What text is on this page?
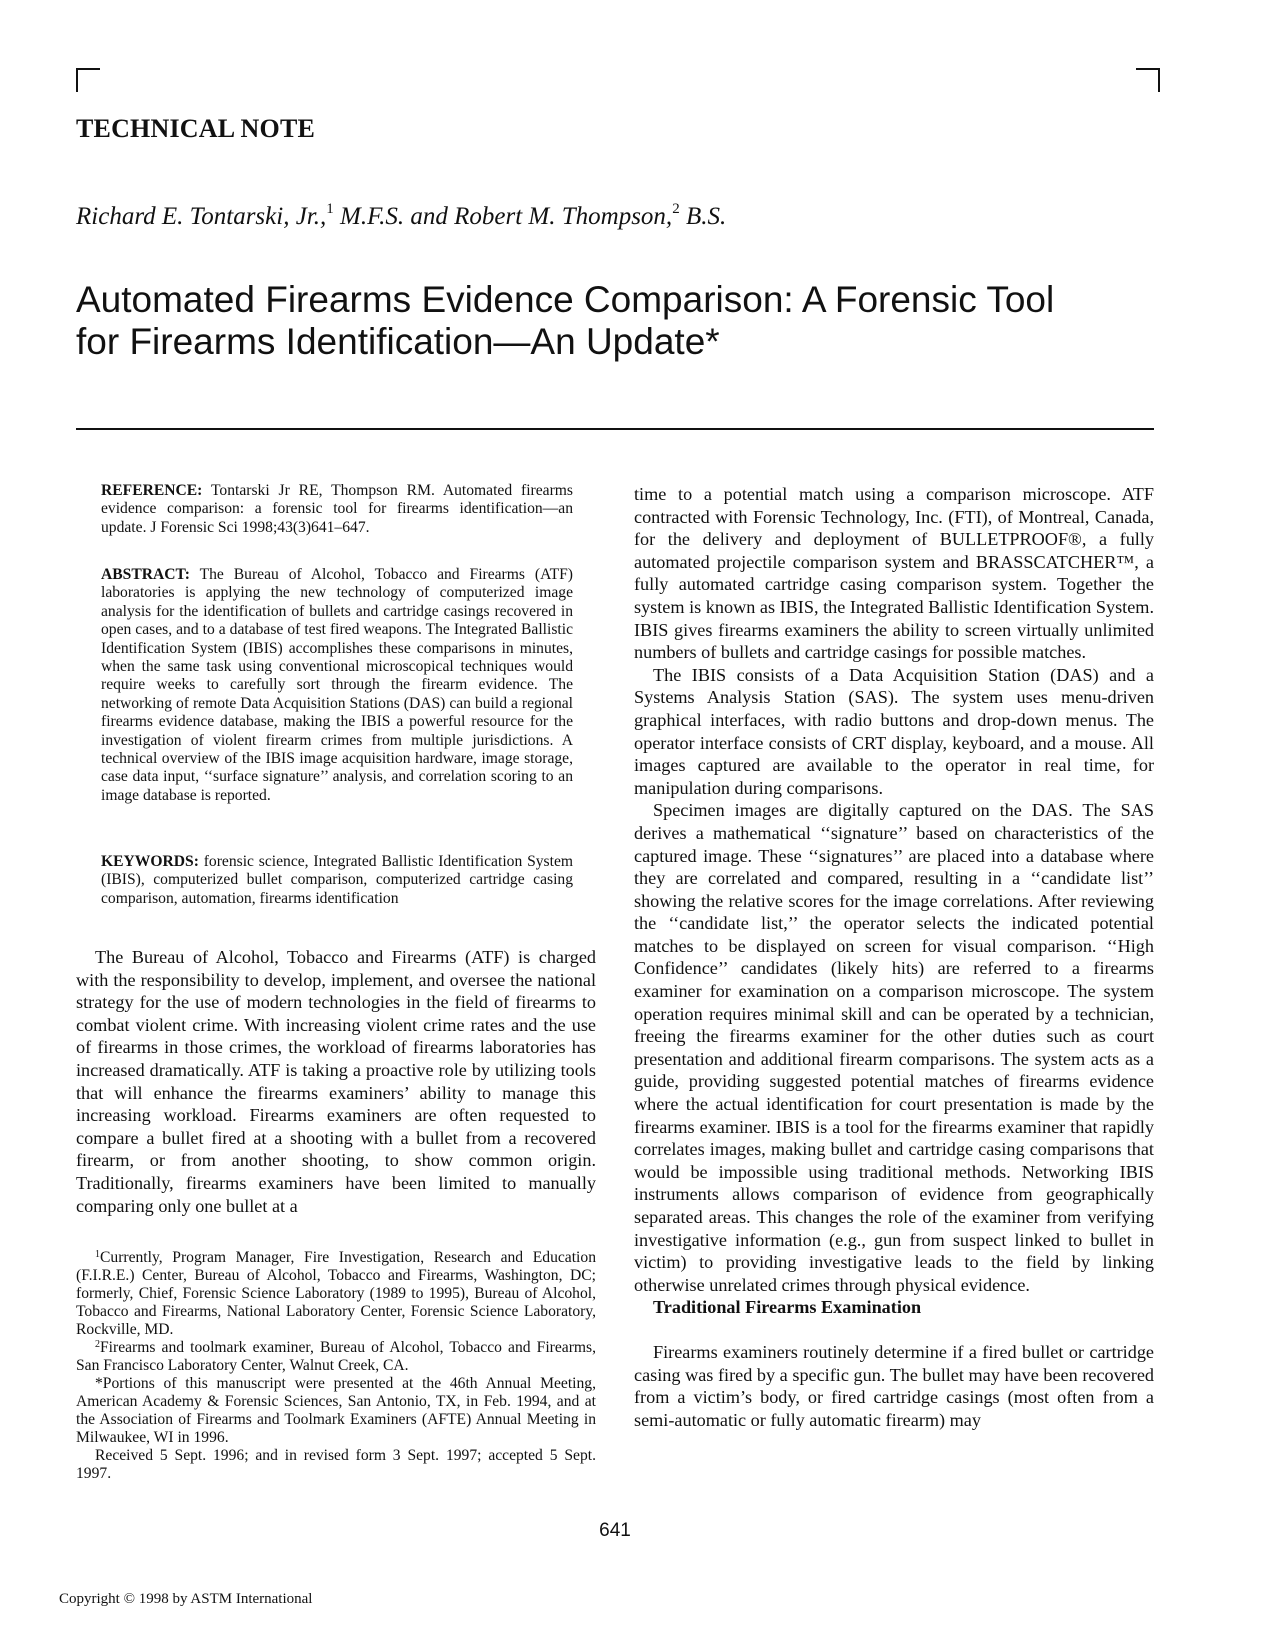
TECHNICAL NOTE

Richard E. Tontarski, Jr.,$^1$ M.F.S. and Robert M. Thompson,$^2$ B.S.

Automated Firearms Evidence Comparison: A Forensic Tool
for Firearms Identification—An Update*

REFERENCE: Tontarski Jr RE, Thompson RM. Automated firearms evidence comparison: a forensic tool for firearms identification—an update. J Forensic Sci 1998;43(3)641–647.

ABSTRACT: The Bureau of Alcohol, Tobacco and Firearms (ATF) laboratories is applying the new technology of computerized image analysis for the identification of bullets and cartridge casings recovered in open cases, and to a database of test fired weapons. The Integrated Ballistic Identification System (IBIS) accomplishes these comparisons in minutes, when the same task using conventional microscopical techniques would require weeks to carefully sort through the firearm evidence. The networking of remote Data Acquisition Stations (DAS) can build a regional firearms evidence database, making the IBIS a powerful resource for the investigation of violent firearm crimes from multiple jurisdictions. A technical overview of the IBIS image acquisition hardware, image storage, case data input, ‘‘surface signature’’ analysis, and correlation scoring to an image database is reported.

KEYWORDS: forensic science, Integrated Ballistic Identification System (IBIS), computerized bullet comparison, computerized cartridge casing comparison, automation, firearms identification

The Bureau of Alcohol, Tobacco and Firearms (ATF) is charged with the responsibility to develop, implement, and oversee the national strategy for the use of modern technologies in the field of firearms to combat violent crime. With increasing violent crime rates and the use of firearms in those crimes, the workload of firearms laboratories has increased dramatically. ATF is taking a proactive role by utilizing tools that will enhance the firearms examiners’ ability to manage this increasing workload. Firearms examiners are often requested to compare a bullet fired at a shooting with a bullet from a recovered firearm, or from another shooting, to show common origin. Traditionally, firearms examiners have been limited to manually comparing only one bullet at a

$^1$Currently, Program Manager, Fire Investigation, Research and Education (F.I.R.E.) Center, Bureau of Alcohol, Tobacco and Firearms, Washington, DC; formerly, Chief, Forensic Science Laboratory (1989 to 1995), Bureau of Alcohol, Tobacco and Firearms, National Laboratory Center, Forensic Science Laboratory, Rockville, MD.

$^2$Firearms and toolmark examiner, Bureau of Alcohol, Tobacco and Firearms, San Francisco Laboratory Center, Walnut Creek, CA.

*Portions of this manuscript were presented at the 46th Annual Meeting, American Academy & Forensic Sciences, San Antonio, TX, in Feb. 1994, and at the Association of Firearms and Toolmark Examiners (AFTE) Annual Meeting in Milwaukee, WI in 1996.

Received 5 Sept. 1996; and in revised form 3 Sept. 1997; accepted 5 Sept. 1997.

time to a potential match using a comparison microscope. ATF contracted with Forensic Technology, Inc. (FTI), of Montreal, Canada, for the delivery and deployment of BULLETPROOF®, a fully automated projectile comparison system and BRASSCATCHER™, a fully automated cartridge casing comparison system. Together the system is known as IBIS, the Integrated Ballistic Identification System. IBIS gives firearms examiners the ability to screen virtually unlimited numbers of bullets and cartridge casings for possible matches.

The IBIS consists of a Data Acquisition Station (DAS) and a Systems Analysis Station (SAS). The system uses menu-driven graphical interfaces, with radio buttons and drop-down menus. The operator interface consists of CRT display, keyboard, and a mouse. All images captured are available to the operator in real time, for manipulation during comparisons.

Specimen images are digitally captured on the DAS. The SAS derives a mathematical ‘‘signature’’ based on characteristics of the captured image. These ‘‘signatures’’ are placed into a database where they are correlated and compared, resulting in a ‘‘candidate list’’ showing the relative scores for the image correlations. After reviewing the ‘‘candidate list,’’ the operator selects the indicated potential matches to be displayed on screen for visual comparison. ‘‘High Confidence’’ candidates (likely hits) are referred to a firearms examiner for examination on a comparison microscope. The system operation requires minimal skill and can be operated by a technician, freeing the firearms examiner for the other duties such as court presentation and additional firearm comparisons. The system acts as a guide, providing suggested potential matches of firearms evidence where the actual identification for court presentation is made by the firearms examiner. IBIS is a tool for the firearms examiner that rapidly correlates images, making bullet and cartridge casing comparisons that would be impossible using traditional methods. Networking IBIS instruments allows comparison of evidence from geographically separated areas. This changes the role of the examiner from verifying investigative information (e.g., gun from suspect linked to bullet in victim) to providing investigative leads to the field by linking otherwise unrelated crimes through physical evidence.

Traditional Firearms Examination

Firearms examiners routinely determine if a fired bullet or cartridge casing was fired by a specific gun. The bullet may have been recovered from a victim’s body, or fired cartridge casings (most often from a semi-automatic or fully automatic firearm) may

641
Copyright © 1998 by ASTM International
